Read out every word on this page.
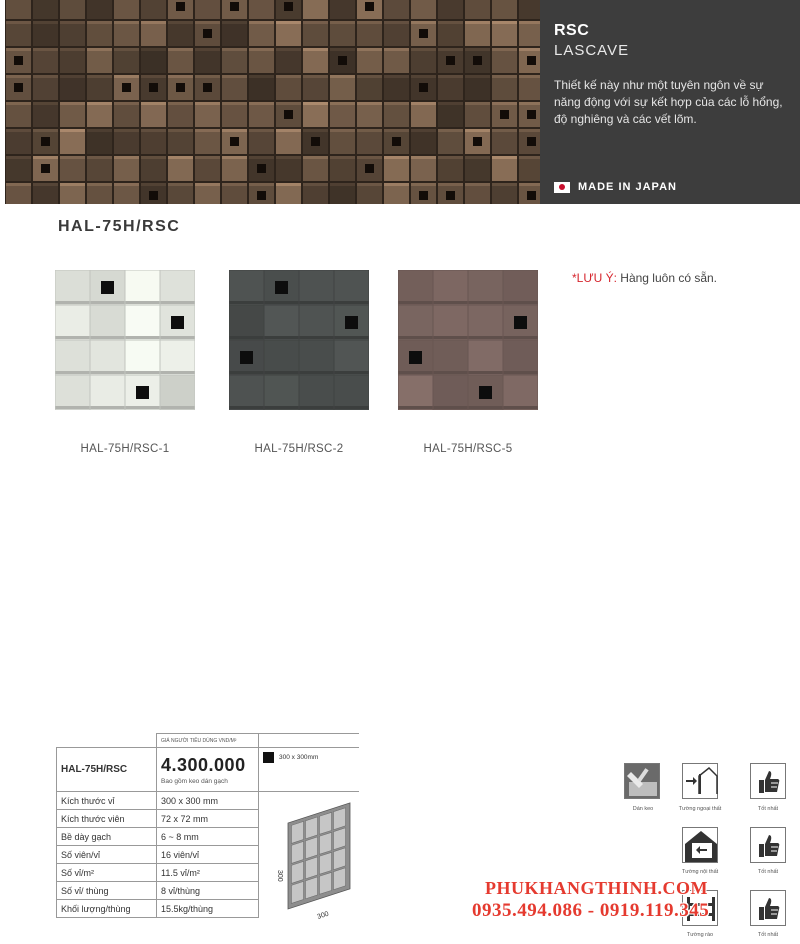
RSC
LASCAVE
Thiết kế này như một tuyên ngôn về sự năng động với sự kết hợp của các lỗ hổng, độ nghiêng và các vết lõm.
MADE IN JAPAN
HAL-75H/RSC
HAL-75H/RSC-1	HAL-75H/RSC-2	HAL-75H/RSC-5
*LƯU Ý: Hàng luôn có sẵn.
	GIÁ NGƯỜI TIÊU DÙNG VND/M²	
HAL-75H/RSC	4.300.000
Bao gồm keo dán gạch	300 x 300mm
Kích thước vỉ	300 x 300 mm	
Kích thước viên	72 x 72 mm	
Bề dày gạch	6 ~ 8 mm	
Số viên/vỉ	16 viên/vỉ	
Số vỉ/m²	11.5 vỉ/m²	
Số vỉ/ thùng	8 vỉ/thùng	
Khối lượng/thùng	15.5kg/thùng	
300
300
Dán keo	Tường ngoại thất	Tốt nhất
Tường nội thất	Tốt nhất
Tường rào	Tốt nhất
PHUKHANGTHINH.COM
0935.494.086 - 0919.119.345
